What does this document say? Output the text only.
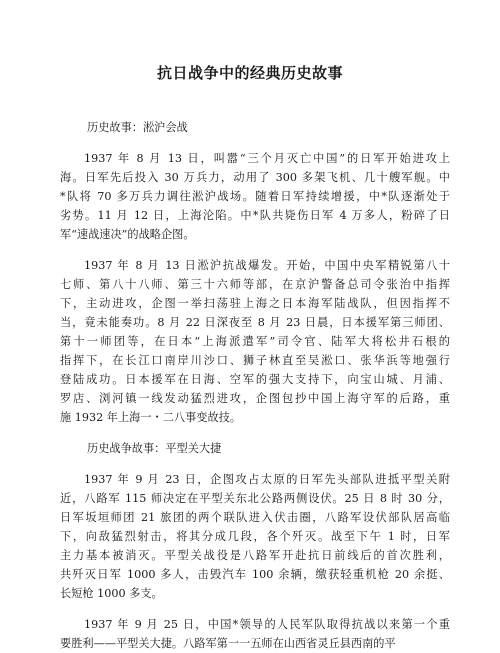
抗日战争中的经典历史故事
历史故事：淞沪会战
1937 年 8 月 13 日，叫嚣“三个月灭亡中国”的日军开始进攻上
海。日军先后投入 30 万兵力，动用了 300 多架飞机、几十艘军舰。中
*队将 70 多万兵力调往淞沪战场。随着日军持续增援，中*队逐渐处于
劣势。11 月 12 日，上海沦陷。中*队共毙伤日军 4 万多人，粉碎了日
军“速战速决”的战略企图。
1937 年 8 月 13 日淞沪抗战爆发。开始，中国中央军精锐第八十
七师、第八十八师、第三十六师等部，在京沪警备总司令张治中指挥
下，主动进攻，企图一举扫荡驻上海之日本海军陆战队，但因指挥不
当，竟未能奏功。8 月 22 日深夜至 8 月 23 日晨，日本援军第三师团、
第十一师团等，在日本“上海派遣军”司令官、陆军大将松井石根的
指挥下，在长江口南岸川沙口、狮子林直至吴淞口、张华浜等地强行
登陆成功。日本援军在日海、空军的强大支持下，向宝山城、月浦、
罗店、浏河镇一线发动猛烈进攻，企图包抄中国上海守军的后路，重
施 1932 年上海一・二八事变故技。
历史战争故事：平型关大捷
1937 年 9 月 23 日，企图攻占太原的日军先头部队进抵平型关附
近，八路军 115 师决定在平型关东北公路两侧设伏。25 日 8 时 30 分，
日军坂垣师团 21 旅团的两个联队进入伏击圈，八路军设伏部队居高临
下，向敌猛烈射击，将其分成几段，各个歼灭。战至下午 1 时，日军
主力基本被消灭。平型关战役是八路军开赴抗日前线后的首次胜利，
共歼灭日军 1000 多人，击毁汽车 100 余辆，缴获轻重机枪 20 余挺、
长短枪 1000 多支。
1937 年 9 月 25 日，中国*领导的人民军队取得抗战以来第一个重
要胜利——平型关大捷。八路军第一一五师在山西省灵丘县西南的平
